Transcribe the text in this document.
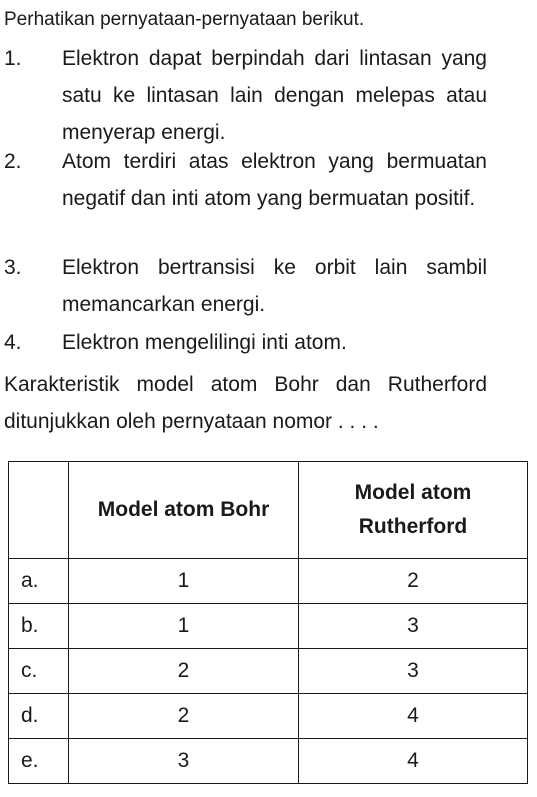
Perhatikan pernyataan-pernyataan berikut.
1.	Elektron dapat berpindah dari lintasan yang satu ke lintasan lain dengan melepas atau menyerap energi.
2.	Atom terdiri atas elektron yang bermuatan negatif dan inti atom yang bermuatan positif.
3.	Elektron bertransisi ke orbit lain sambil memancarkan energi.
4.	Elektron mengelilingi inti atom.
Karakteristik model atom Bohr dan Rutherford ditunjukkan oleh pernyataan nomor . . . .
	Model atom Bohr	Model atom Rutherford
a.	1	2
b.	1	3
c.	2	3
d.	2	4
e.	3	4
